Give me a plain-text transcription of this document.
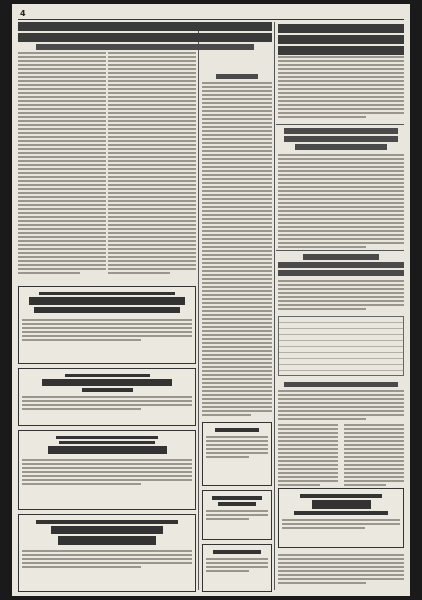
4
